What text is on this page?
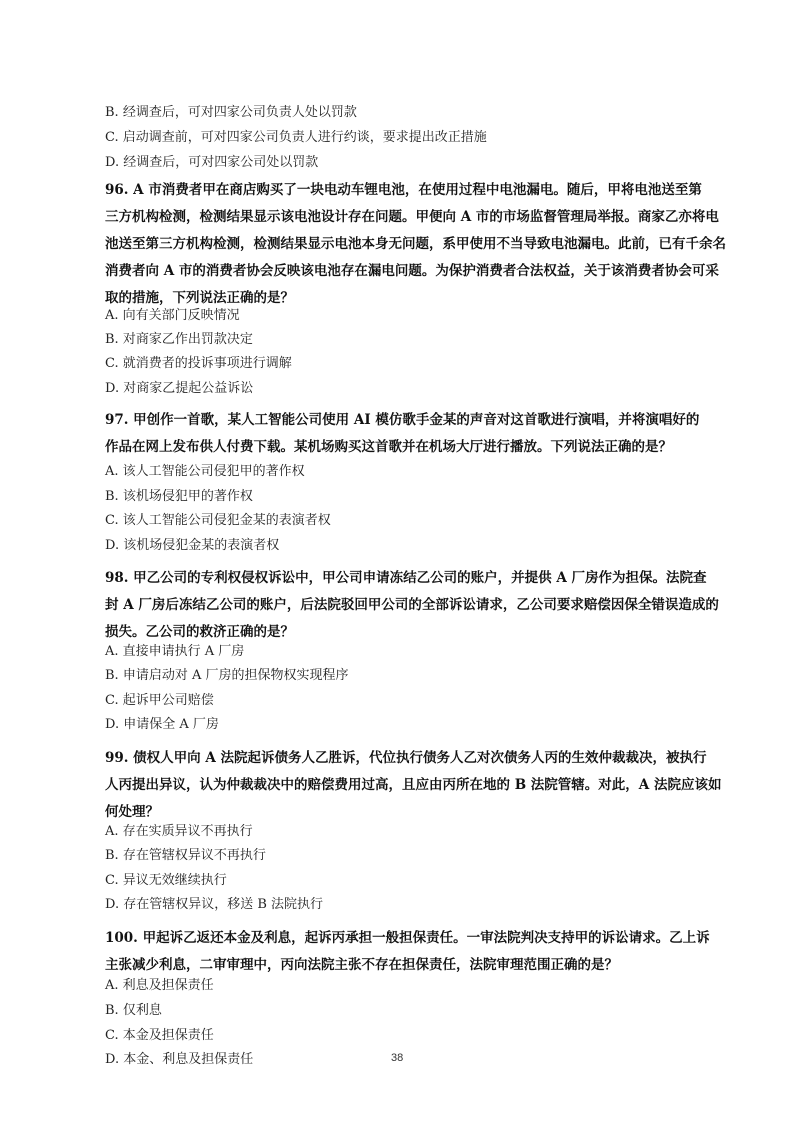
B. 经调查后，可对四家公司负责人处以罚款
C. 启动调查前，可对四家公司负责人进行约谈，要求提出改正措施
D. 经调查后，可对四家公司处以罚款
96. A 市消费者甲在商店购买了一块电动车锂电池，在使用过程中电池漏电。随后，甲将电池送至第
三方机构检测，检测结果显示该电池设计存在问题。甲便向 A 市的市场监督管理局举报。商家乙亦将电
池送至第三方机构检测，检测结果显示电池本身无问题，系甲使用不当导致电池漏电。此前，已有千余名
消费者向 A 市的消费者协会反映该电池存在漏电问题。为保护消费者合法权益，关于该消费者协会可采
取的措施，下列说法正确的是？
A. 向有关部门反映情况
B. 对商家乙作出罚款决定
C. 就消费者的投诉事项进行调解
D. 对商家乙提起公益诉讼
97. 甲创作一首歌，某人工智能公司使用 AI 模仿歌手金某的声音对这首歌进行演唱，并将演唱好的
作品在网上发布供人付费下载。某机场购买这首歌并在机场大厅进行播放。下列说法正确的是？
A. 该人工智能公司侵犯甲的著作权
B. 该机场侵犯甲的著作权
C. 该人工智能公司侵犯金某的表演者权
D. 该机场侵犯金某的表演者权
98. 甲乙公司的专利权侵权诉讼中，甲公司申请冻结乙公司的账户，并提供 A 厂房作为担保。法院查
封 A 厂房后冻结乙公司的账户，后法院驳回甲公司的全部诉讼请求，乙公司要求赔偿因保全错误造成的
损失。乙公司的救济正确的是？
A. 直接申请执行 A 厂房
B. 申请启动对 A 厂房的担保物权实现程序
C. 起诉甲公司赔偿
D. 申请保全 A 厂房
99. 债权人甲向 A 法院起诉债务人乙胜诉，代位执行债务人乙对次债务人丙的生效仲裁裁决，被执行
人丙提出异议，认为仲裁裁决中的赔偿费用过高，且应由丙所在地的 B 法院管辖。对此，A 法院应该如
何处理？
A. 存在实质异议不再执行
B. 存在管辖权异议不再执行
C. 异议无效继续执行
D. 存在管辖权异议，移送 B 法院执行
100. 甲起诉乙返还本金及利息，起诉丙承担一般担保责任。一审法院判决支持甲的诉讼请求。乙上诉
主张减少利息，二审审理中，丙向法院主张不存在担保责任，法院审理范围正确的是？
A. 利息及担保责任
B. 仅利息
C. 本金及担保责任
D. 本金、利息及担保责任	38
